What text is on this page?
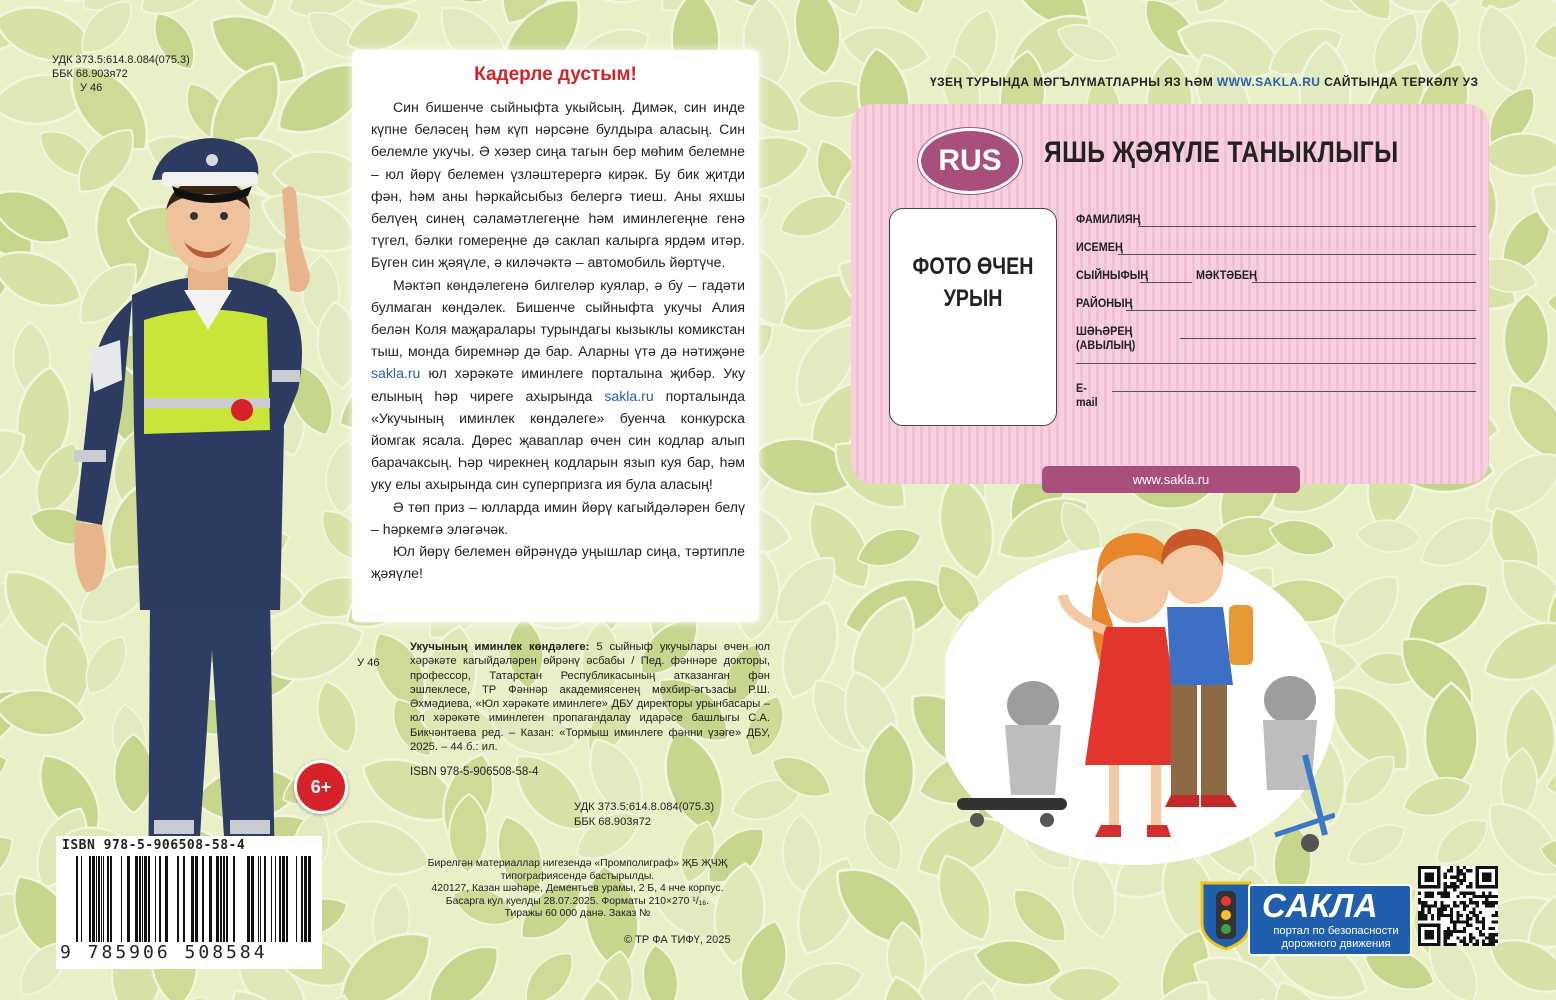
УДК 373.5:614.8.084(075.3)
ББК 68.903я72
У 46
Кадерле дустым!

Син бишенче сыйныфта укыйсың. Димәк, син инде күпне беләсең һәм күп нәрсәне булдыра аласың. Син белемле укучы. Ә хәзер сиңа тагын бер мөһим белемне – юл йөрү белемен үзләштерергә кирәк. Бу бик җитди фән, һәм аны һәркайсыбыз белергә тиеш. Аны яхшы белүең синең сәламәтлегеңне һәм иминлегеңне генә түгел, бәлки гомереңне дә саклап калырга ярдәм итәр. Бүген син җәяүле, ә киләчәктә – автомобиль йөртүче.

Мәктәп көндәлегенә билгеләр куялар, ә бу – гадәти булмаган көндәлек. Бишенче сыйныфта укучы Алия белән Коля маҗаралары турындагы кызыклы комикстан тыш, монда биремнәр дә бар. Аларны үтә дә нәтиҗәне sakla.ru юл хәрәкәте иминлеге порталына җибәр. Уку елының һәр чиреге ахырында sakla.ru порталында «Укучының иминлек көндәлеге» буенча конкурска йомгак ясала. Дөрес җаваплар өчен син кодлар алып барачаксың. Һәр чирекнең кодларын язып куя бар, һәм уку елы ахырында син суперпризга ия була аласың!

Ә төп приз – юлларда имин йөрү кагыйдәләрен белү – һәркемгә эләгәчәк.

Юл йөрү белемен өйрәнүдә уңышлар сиңа, тәртипле җәяүле!

У 46
Укучының иминлек көндәлеге: 5 сыйныф укучылары өчен юл хәрәкәте кагыйдәләрен өйрәнү әсбабы / Пед. фәннәре докторы, профессор, Татарстан Республикасының атказанган фән эшлеклесе, ТР Фәннәр академиясенең мөхбир-әгъзасы Р.Ш. Әхмәдиева, «Юл хәрәкәте иминлеге» ДБУ директоры урынбасары – юл хәрәкәте иминлеген пропагандалау идарәсе башлыгы С.А. Бикчәнтәева ред. – Казан: «Тормыш иминлеге фәнни үзәге» ДБУ, 2025. – 44 б.: ил.
ISBN 978-5-906508-58-4
УДК 373.5:614.8.084(075.3)
ББК 68.903я72
Бирелгән материаллар нигезендә «Промполиграф» ҖБ ҖЧҖ
типографиясендә бастырылды.
420127, Казан шәһәре, Дементьев урамы, 2 Б, 4 нче корпус.
Басарга кул куелды 28.07.2025. Форматы 210×270 ¹/₁₆.
Тиражы 60 000 данә. Заказ №
© ТР ФА ТИФҮ, 2025
6+
ISBN 978-5-906508-58-4
9 785906 508584
ҮЗЕҢ ТУРЫНДА МӘГЪЛҮМАТЛАРНЫ ЯЗ ҺӘМ WWW.SAKLA.RU САЙТЫНДА ТЕРКӘЛҮ УЗ
RUS	ЯШЬ ҖӘЯҮЛЕ ТАНЫКЛЫГЫ
ФОТО ӨЧЕН
УРЫН
ФАМИЛИЯҢ
ИСЕМЕҢ
СЫЙНЫФЫҢ	МӘКТӘБЕҢ
РАЙОНЫҢ
ШӘҺӘРЕҢ (АВЫЛЫҢ)
E-mail
www.sakla.ru
САКЛА
портал по безопасности дорожного движения
